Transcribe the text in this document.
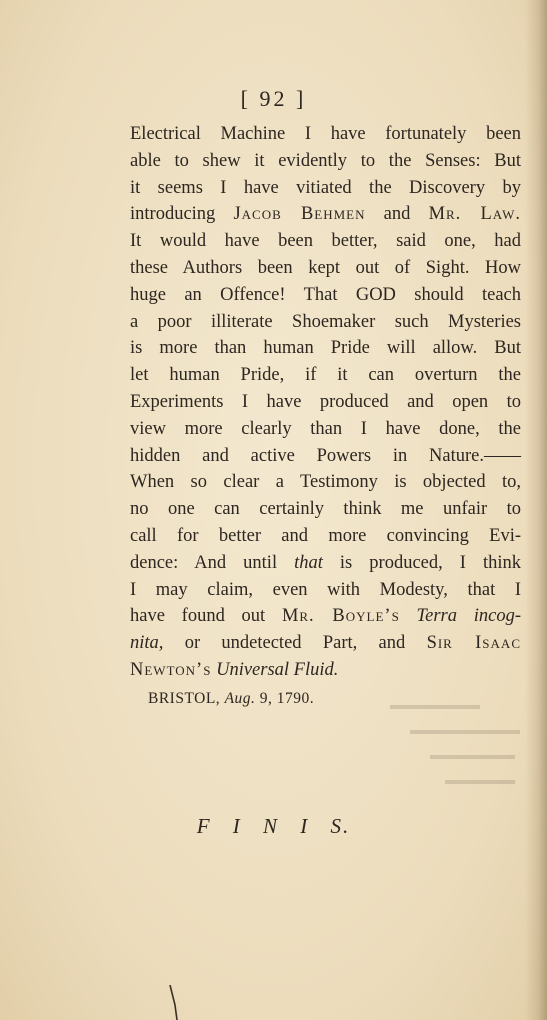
[ 92 ]
Electrical Machine I have fortunately been
able to shew it evidently to the Senses: But
it seems I have vitiated the Discovery by
introducing Jacob Behmen and Mr. Law.
It would have been better, said one, had
these Authors been kept out of Sight. How
huge an Offence! That GOD should teach
a poor illiterate Shoemaker such Mysteries
is more than human Pride will allow. But
let human Pride, if it can overturn the
Experiments I have produced and open to
view more clearly than I have done, the
hidden and active Powers in Nature.——
When so clear a Testimony is objected to,
no one can certainly think me unfair to
call for better and more convincing Evi-
dence: And until that is produced, I think
I may claim, even with Modesty, that I
have found out Mr. Boyle’s Terra incog-
nita, or undetected Part, and Sir Isaac
Newton’s Universal Fluid.
BRISTOL, Aug. 9, 1790.
F I N I S.
